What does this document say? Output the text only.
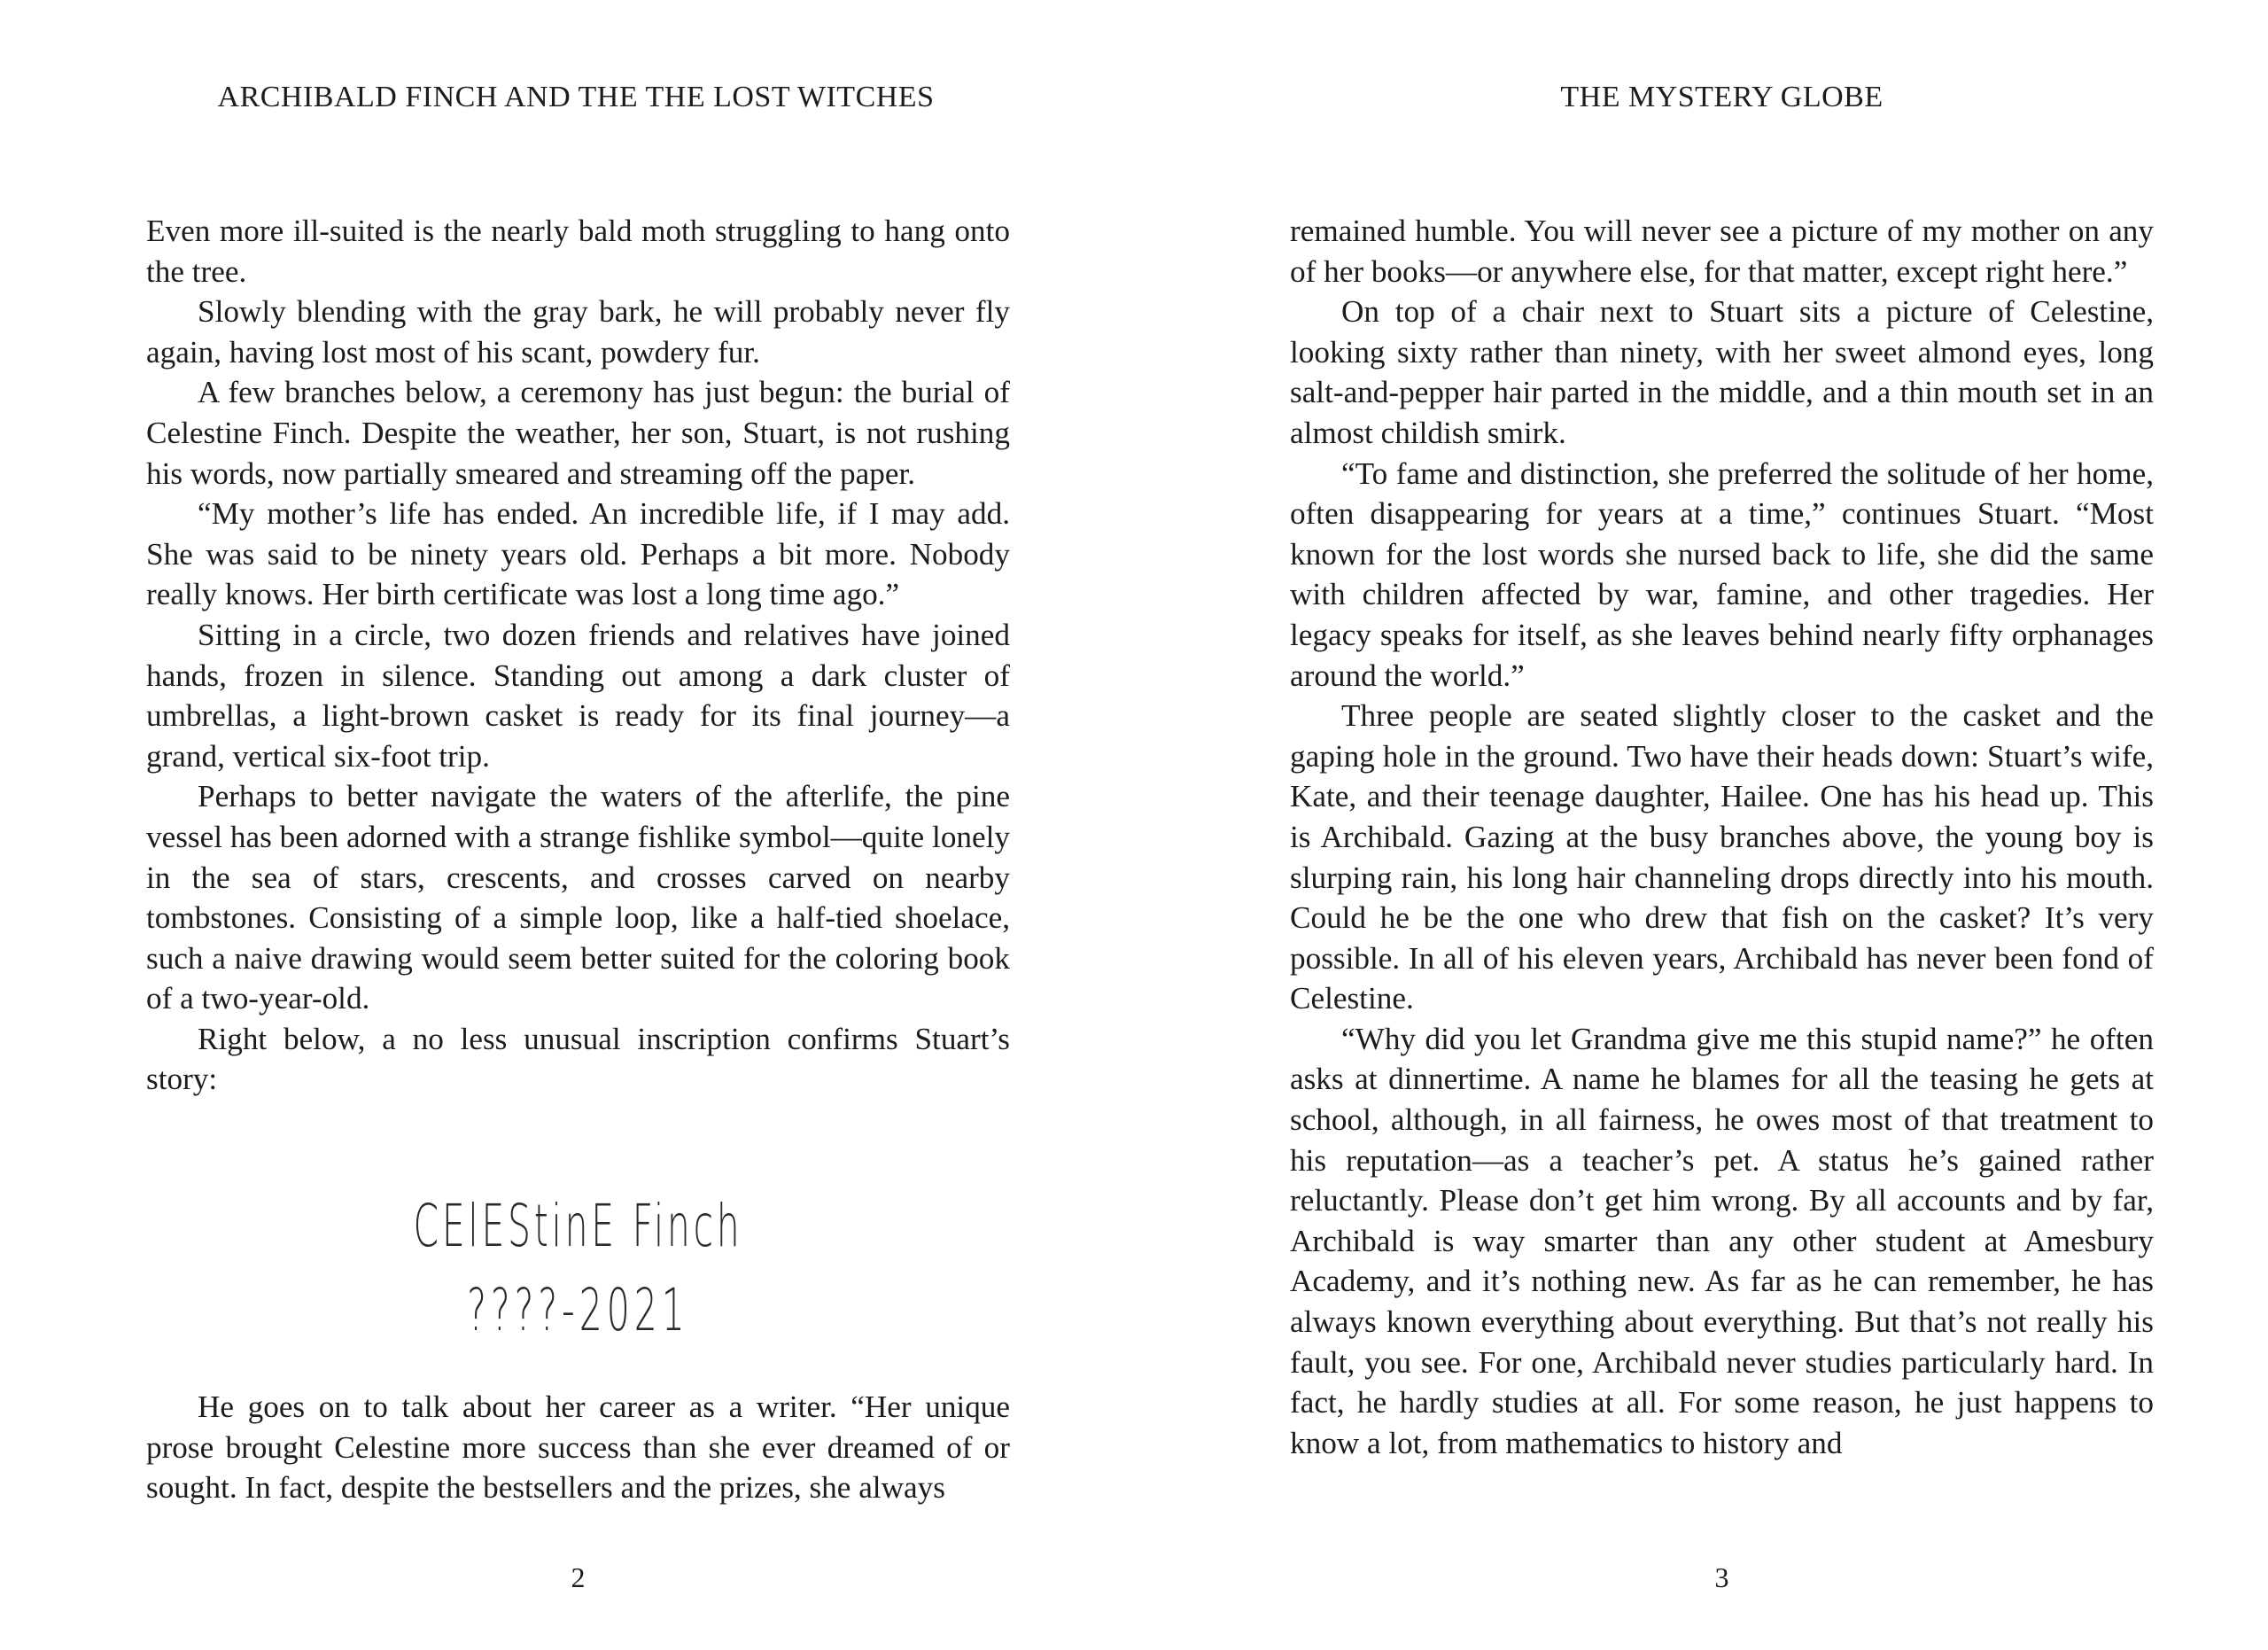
ARCHIBALD FINCH AND THE THE LOST WITCHES

Even more ill-suited is the nearly bald moth struggling to hang onto the tree.

Slowly blending with the gray bark, he will probably never fly again, having lost most of his scant, powdery fur.

A few branches below, a ceremony has just begun: the burial of Celestine Finch. Despite the weather, her son, Stuart, is not rushing his words, now partially smeared and streaming off the paper.

“My mother’s life has ended. An incredible life, if I may add. She was said to be ninety years old. Perhaps a bit more. Nobody really knows. Her birth certificate was lost a long time ago.”

Sitting in a circle, two dozen friends and relatives have joined hands, frozen in silence. Standing out among a dark cluster of umbrellas, a light-brown casket is ready for its final journey—a grand, vertical six-foot trip.

Perhaps to better navigate the waters of the afterlife, the pine vessel has been adorned with a strange fishlike symbol—quite lonely in the sea of stars, crescents, and crosses carved on nearby tombstones. Consisting of a simple loop, like a half-tied shoelace, such a naive drawing would seem better suited for the coloring book of a two-year-old.

Right below, a no less unusual inscription confirms Stuart’s story:

CElEStinE Finch
????-2021

He goes on to talk about her career as a writer. “Her unique prose brought Celestine more success than she ever dreamed of or sought. In fact, despite the bestsellers and the prizes, she always

2
THE MYSTERY GLOBE

remained humble. You will never see a picture of my mother on any of her books—or anywhere else, for that matter, except right here.”

On top of a chair next to Stuart sits a picture of Celestine, looking sixty rather than ninety, with her sweet almond eyes, long salt-and-pepper hair parted in the middle, and a thin mouth set in an almost childish smirk.

“To fame and distinction, she preferred the solitude of her home, often disappearing for years at a time,” continues Stuart. “Most known for the lost words she nursed back to life, she did the same with children affected by war, famine, and other tragedies. Her legacy speaks for itself, as she leaves behind nearly fifty orphanages around the world.”

Three people are seated slightly closer to the casket and the gaping hole in the ground. Two have their heads down: Stuart’s wife, Kate, and their teenage daughter, Hailee. One has his head up. This is Archibald. Gazing at the busy branches above, the young boy is slurping rain, his long hair channeling drops directly into his mouth. Could he be the one who drew that fish on the casket? It’s very possible. In all of his eleven years, Archibald has never been fond of Celestine.

“Why did you let Grandma give me this stupid name?” he often asks at dinnertime. A name he blames for all the teasing he gets at school, although, in all fairness, he owes most of that treatment to his reputation—as a teacher’s pet. A status he’s gained rather reluctantly. Please don’t get him wrong. By all accounts and by far, Archibald is way smarter than any other student at Amesbury Academy, and it’s nothing new. As far as he can remember, he has always known everything about everything. But that’s not really his fault, you see. For one, Archibald never studies particularly hard. In fact, he hardly studies at all. For some reason, he just happens to know a lot, from mathematics to history and

3
